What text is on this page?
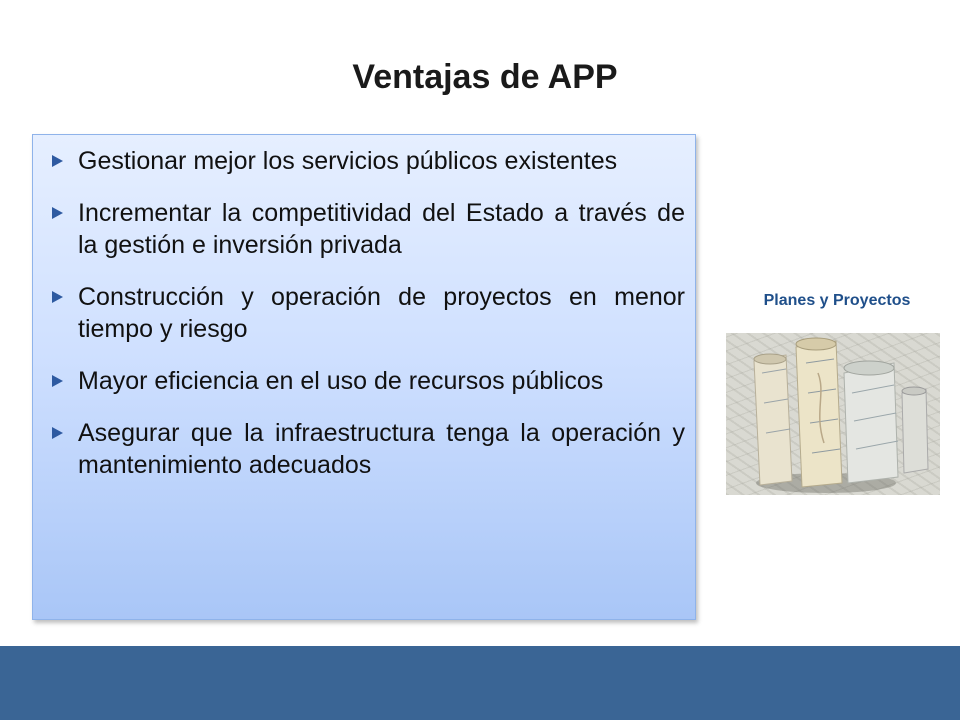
Ventajas de APP
Gestionar mejor los servicios públicos existentes
Incrementar la competitividad del Estado a través de la gestión e inversión privada
Construcción y operación de proyectos en menor tiempo y riesgo
Mayor eficiencia en el uso de recursos públicos
Asegurar que la infraestructura tenga la operación y mantenimiento adecuados
Planes y Proyectos
